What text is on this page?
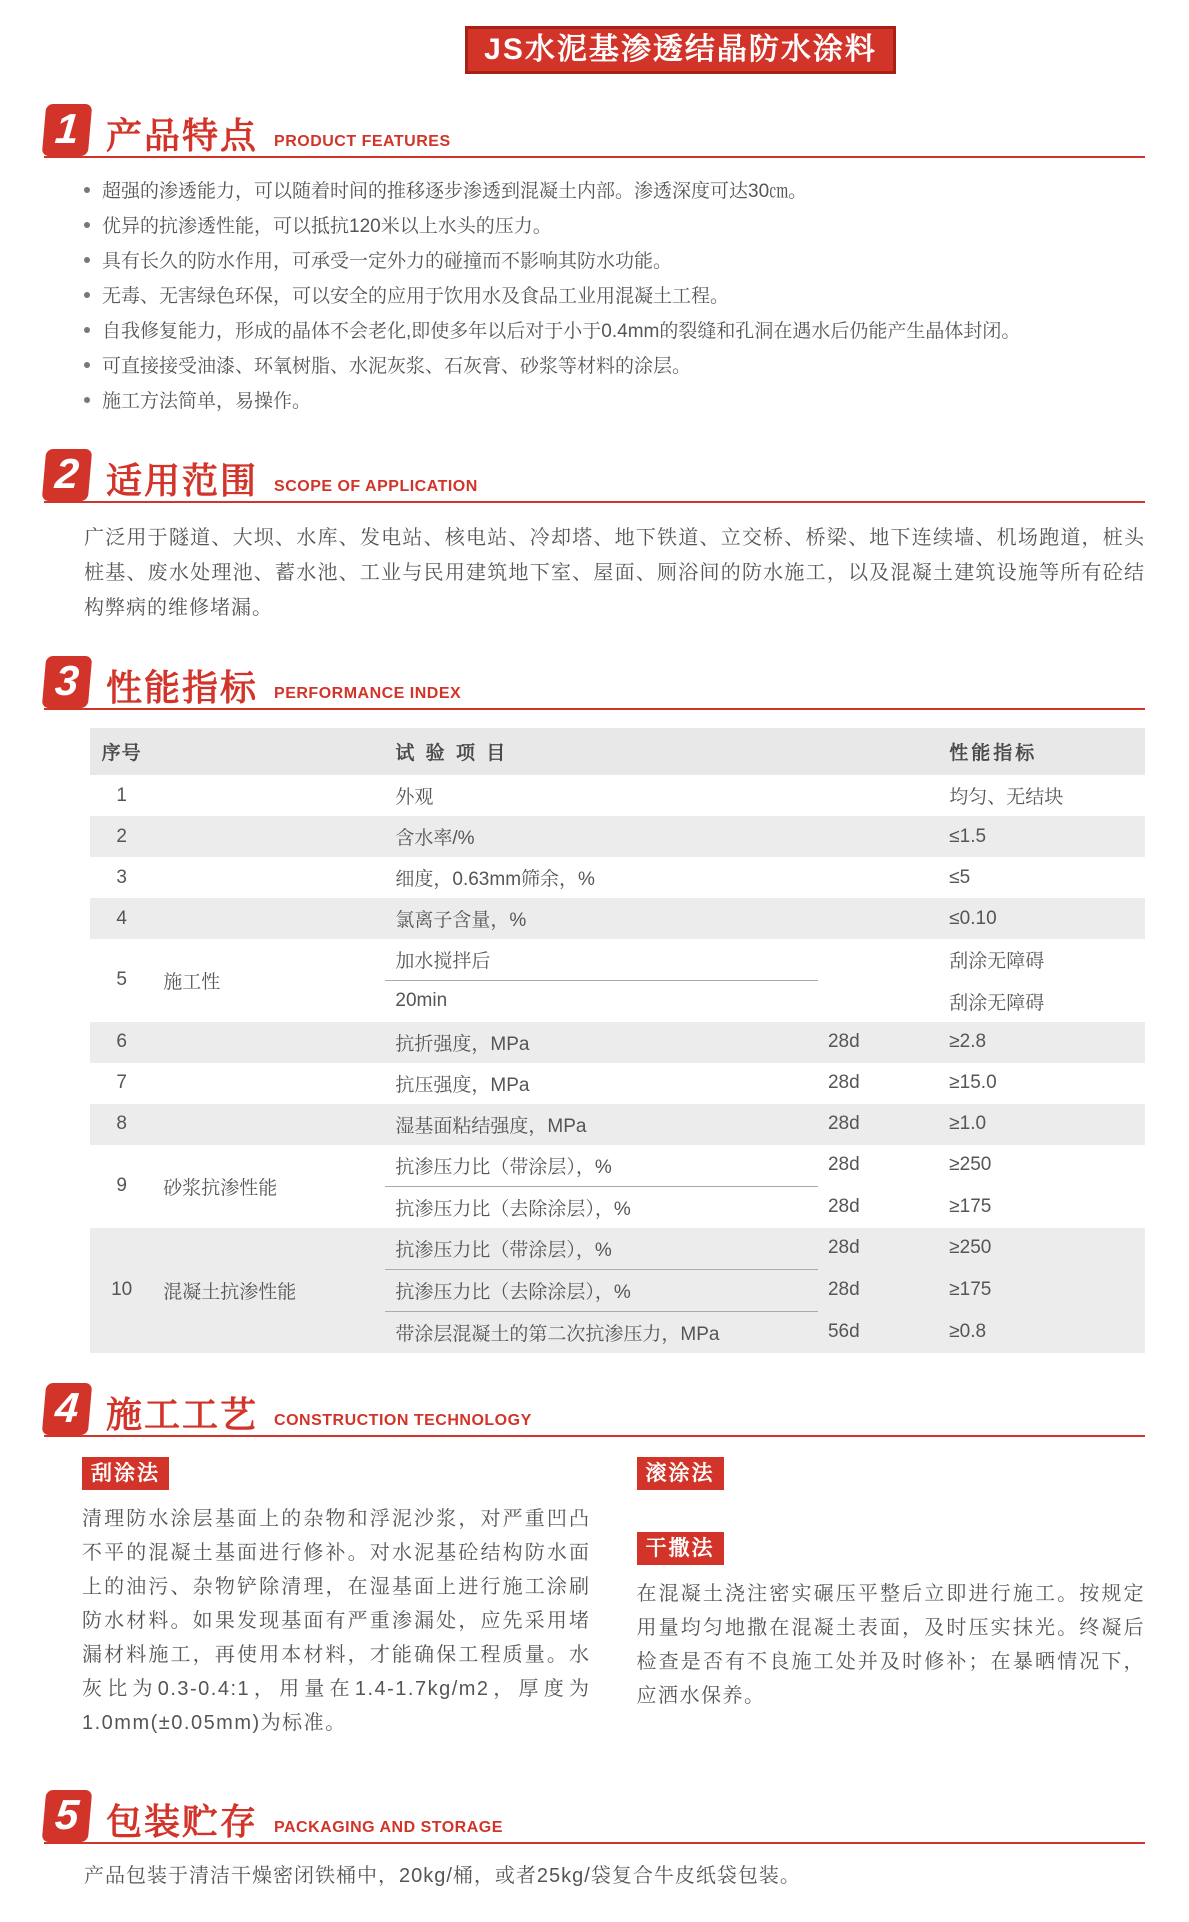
JS水泥基渗透结晶防水涂料
1 产品特点 PRODUCT FEATURES
超强的渗透能力，可以随着时间的推移逐步渗透到混凝土内部。渗透深度可达30㎝。
优异的抗渗透性能，可以抵抗120米以上水头的压力。
具有长久的防水作用，可承受一定外力的碰撞而不影响其防水功能。
无毒、无害绿色环保，可以安全的应用于饮用水及食品工业用混凝土工程。
自我修复能力，形成的晶体不会老化,即使多年以后对于小于0.4mm的裂缝和孔洞在遇水后仍能产生晶体封闭。
可直接接受油漆、环氧树脂、水泥灰浆、石灰膏、砂浆等材料的涂层。
施工方法简单，易操作。
2 适用范围 SCOPE OF APPLICATION

广泛用于隧道、大坝、水库、发电站、核电站、冷却塔、地下铁道、立交桥、桥梁、地下连续墙、机场跑道，桩头桩基、废水处理池、蓄水池、工业与民用建筑地下室、屋面、厕浴间的防水施工，以及混凝土建筑设施等所有砼结构弊病的维修堵漏。

3 性能指标 PERFORMANCE INDEX
序号		试 验 项 目		性能指标
1		外观		均匀、无结块
2		含水率/%		≤1.5
3		细度，0.63mm筛余，%		≤5
4		氯离子含量，%		≤0.10
5	施工性	加水搅拌后		刮涂无障碍
		20min		刮涂无障碍
6		抗折强度，MPa	28d	≥2.8
7		抗压强度，MPa	28d	≥15.0
8		湿基面粘结强度，MPa	28d	≥1.0
9	砂浆抗渗性能	抗渗压力比（带涂层），%	28d	≥250
		抗渗压力比（去除涂层），%	28d	≥175
10	混凝土抗渗性能	抗渗压力比（带涂层），%	28d	≥250
		抗渗压力比（去除涂层），%	28d	≥175
		带涂层混凝土的第二次抗渗压力，MPa	56d	≥0.8
4 施工工艺 CONSTRUCTION TECHNOLOGY
刮涂法

清理防水涂层基面上的杂物和浮泥沙浆，对严重凹凸不平的混凝土基面进行修补。对水泥基砼结构防水面上的油污、杂物铲除清理，在湿基面上进行施工涂刷防水材料。如果发现基面有严重渗漏处，应先采用堵漏材料施工，再使用本材料，才能确保工程质量。水灰比为0.3-0.4:1，用量在1.4-1.7kg/m2，厚度为1.0mm(±0.05mm)为标准。

滚涂法
干撒法

在混凝土浇注密实碾压平整后立即进行施工。按规定用量均匀地撒在混凝土表面，及时压实抹光。终凝后检查是否有不良施工处并及时修补；在暴晒情况下，应洒水保养。

5 包装贮存 PACKAGING AND STORAGE

产品包装于清洁干燥密闭铁桶中，20kg/桶，或者25kg/袋复合牛皮纸袋包装。
